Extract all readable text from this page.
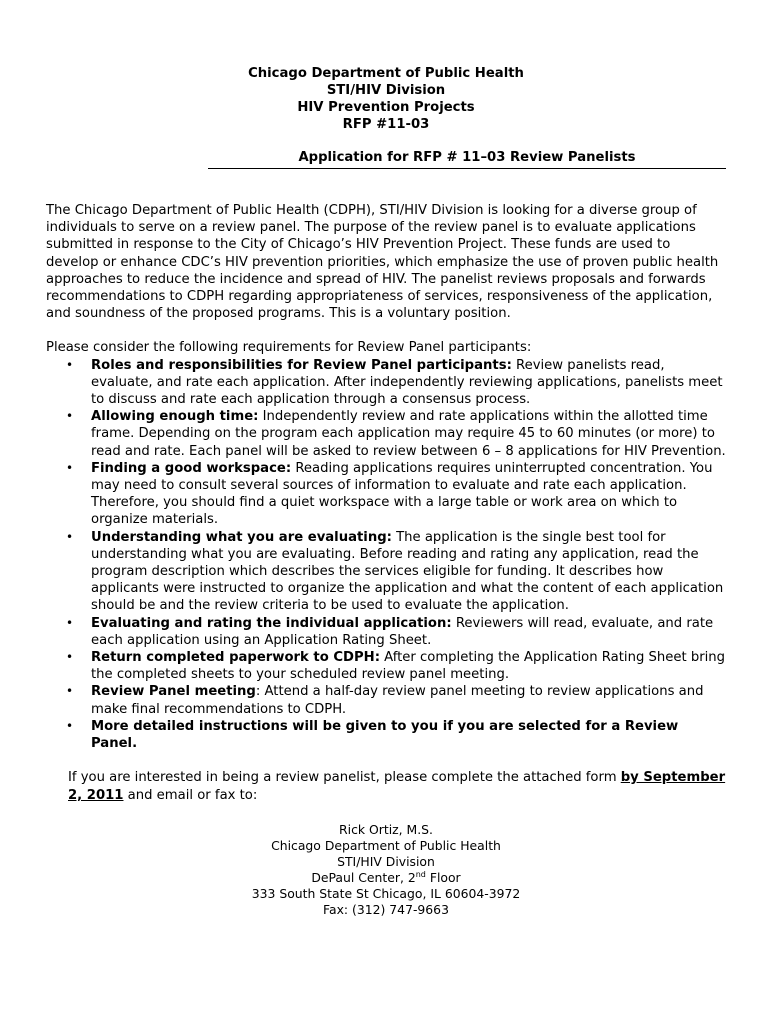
Chicago Department of Public Health
STI/HIV Division
HIV Prevention Projects
RFP #11-03
Application for RFP # 11–03 Review Panelists
The Chicago Department of Public Health (CDPH), STI/HIV Division is looking for a diverse group of individuals to serve on a review panel. The purpose of the review panel is to evaluate applications submitted in response to the City of Chicago’s HIV Prevention Project. These funds are used to develop or enhance CDC’s HIV prevention priorities, which emphasize the use of proven public health approaches to reduce the incidence and spread of HIV. The panelist reviews proposals and forwards recommendations to CDPH regarding appropriateness of services, responsiveness of the application, and soundness of the proposed programs. This is a voluntary position.
Please consider the following requirements for Review Panel participants:
• Roles and responsibilities for Review Panel participants: Review panelists read, evaluate, and rate each application. After independently reviewing applications, panelists meet to discuss and rate each application through a consensus process.
• Allowing enough time: Independently review and rate applications within the allotted time frame. Depending on the program each application may require 45 to 60 minutes (or more) to read and rate. Each panel will be asked to review between 6 – 8 applications for HIV Prevention.
• Finding a good workspace: Reading applications requires uninterrupted concentration. You may need to consult several sources of information to evaluate and rate each application. Therefore, you should find a quiet workspace with a large table or work area on which to organize materials.
• Understanding what you are evaluating: The application is the single best tool for understanding what you are evaluating. Before reading and rating any application, read the program description which describes the services eligible for funding. It describes how applicants were instructed to organize the application and what the content of each application should be and the review criteria to be used to evaluate the application.
• Evaluating and rating the individual application: Reviewers will read, evaluate, and rate each application using an Application Rating Sheet.
• Return completed paperwork to CDPH: After completing the Application Rating Sheet bring the completed sheets to your scheduled review panel meeting.
• Review Panel meeting: Attend a half-day review panel meeting to review applications and make final recommendations to CDPH.
• More detailed instructions will be given to you if you are selected for a Review Panel.
If you are interested in being a review panelist, please complete the attached form by September 2, 2011 and email or fax to:
Rick Ortiz, M.S.
Chicago Department of Public Health
STI/HIV Division
DePaul Center, 2nd Floor
333 South State St Chicago, IL 60604-3972
Fax: (312) 747-9663
